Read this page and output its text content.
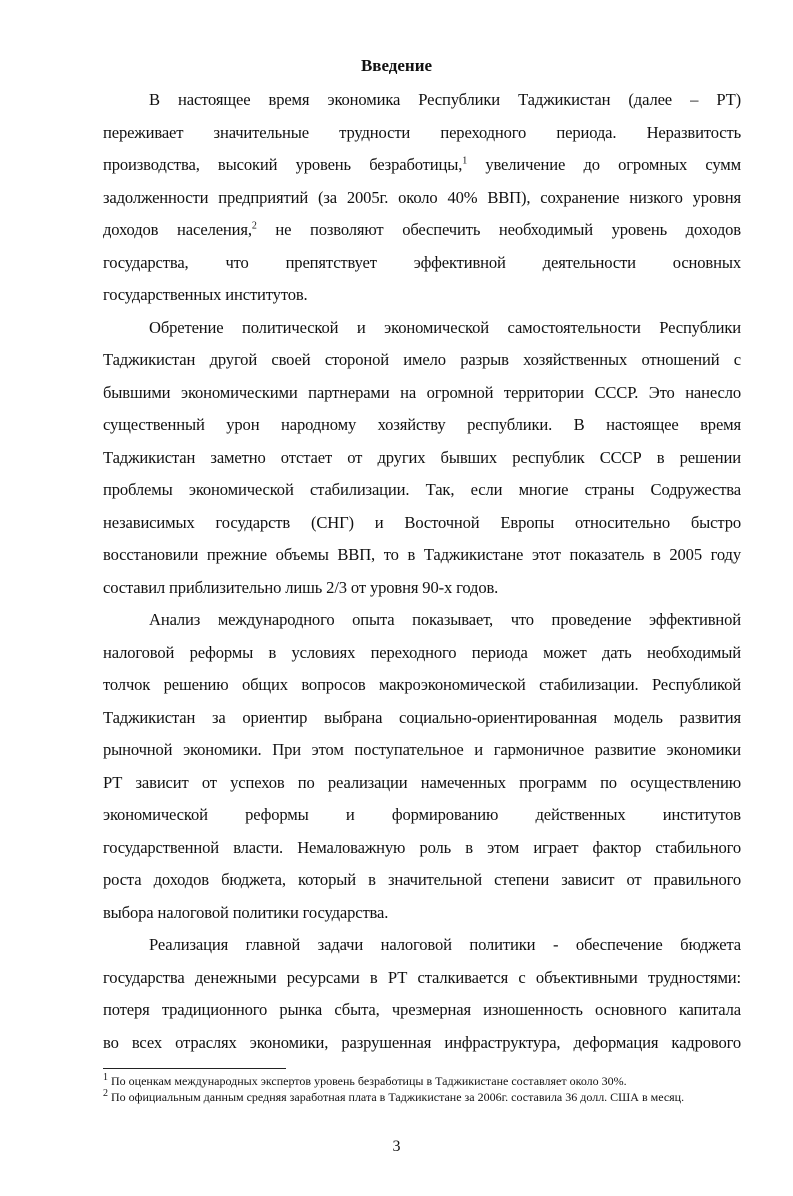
Введение
В настоящее время экономика Республики Таджикистан (далее – РТ)
переживает значительные трудности переходного периода. Неразвитость
производства, высокий уровень безработицы,$^1$ увеличение до огромных сумм
задолженности предприятий (за 2005г. около 40% ВВП), сохранение низкого уровня
доходов населения,$^2$ не позволяют обеспечить необходимый уровень доходов
государства, что препятствует эффективной деятельности основных
государственных институтов.
Обретение политической и экономической самостоятельности Республики
Таджикистан другой своей стороной имело разрыв хозяйственных отношений с
бывшими экономическими партнерами на огромной территории СССР. Это нанесло
существенный урон народному хозяйству республики. В настоящее время
Таджикистан заметно отстает от других бывших республик СССР в решении
проблемы экономической стабилизации. Так, если многие страны Содружества
независимых государств (СНГ) и Восточной Европы относительно быстро
восстановили прежние объемы ВВП, то в Таджикистане этот показатель в 2005 году
составил приблизительно лишь 2/3 от уровня 90-х годов.
Анализ международного опыта показывает, что проведение эффективной
налоговой реформы в условиях переходного периода может дать необходимый
толчок решению общих вопросов макроэкономической стабилизации. Республикой
Таджикистан за ориентир выбрана социально-ориентированная модель развития
рыночной экономики. При этом поступательное и гармоничное развитие экономики
РТ зависит от успехов по реализации намеченных программ по осуществлению
экономической реформы и формированию действенных институтов
государственной власти. Немаловажную роль в этом играет фактор стабильного
роста доходов бюджета, который в значительной степени зависит от правильного
выбора налоговой политики государства.
Реализация главной задачи налоговой политики - обеспечение бюджета
государства денежными ресурсами в РТ сталкивается с объективными трудностями:
потеря традиционного рынка сбыта, чрезмерная изношенность основного капитала
во всех отраслях экономики, разрушенная инфраструктура, деформация кадрового
$^1$ По оценкам международных экспертов уровень безработицы в Таджикистане составляет около 30%.
$^2$ По официальным данным средняя заработная плата в Таджикистане за 2006г. составила 36 долл. США в месяц.
3
